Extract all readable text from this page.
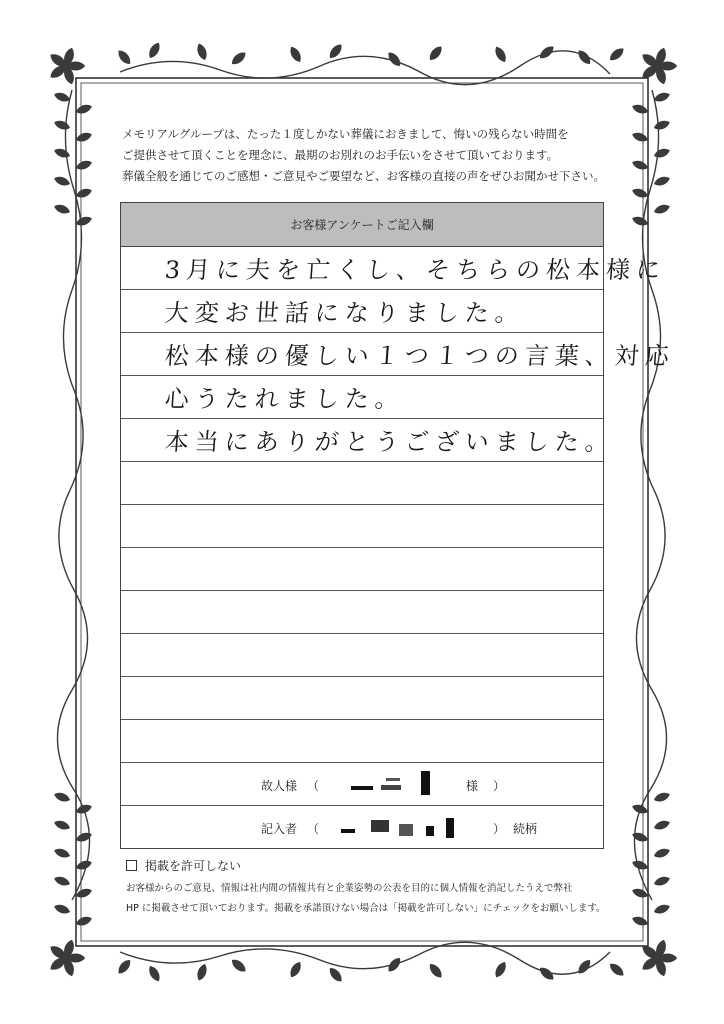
メモリアルグループは、たった１度しかない葬儀におきまして、悔いの残らない時間を
ご提供させて頂くことを理念に、最期のお別れのお手伝いをさせて頂いております。
葬儀全般を通じてのご感想・ご意見やご要望など、お客様の直接の声をぜひお聞かせ下さい。
お客様アンケートご記入欄
3月に夫を亡くし、そちらの松本様に
大変お世話になりました。
松本様の優しい１つ１つの言葉、対応
心うたれました。
本当にありがとうございました。
故人様 （	様 ）
記入者 （	） 続柄
掲載を許可しない
お客様からのご意見、情報は社内間の情報共有と企業姿勢の公表を目的に個人情報を消記したうえで弊社
HP に掲載させて頂いております。掲載を承諾頂けない場合は「掲載を許可しない」にチェックをお願いします。
